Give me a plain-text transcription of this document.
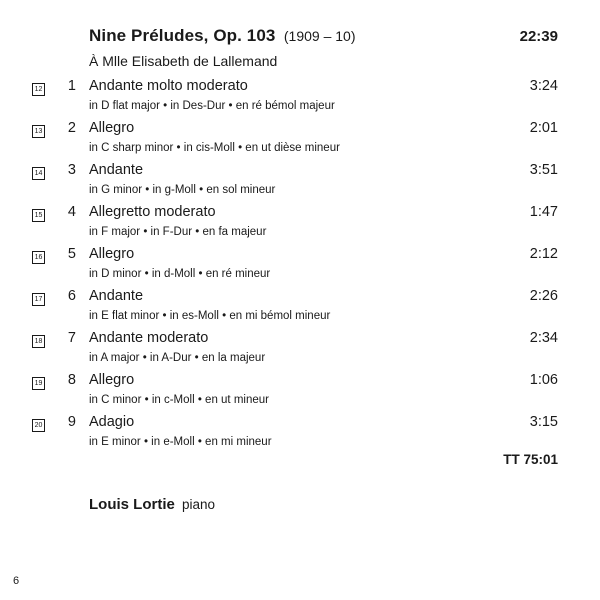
Nine Préludes, Op. 103 (1909 – 10)	22:39
À Mlle Elisabeth de Lallemand
12	1 Andante molto moderato	3:24
in D flat major • in Des-Dur • en ré bémol majeur
13	2 Allegro	2:01
in C sharp minor • in cis-Moll • en ut dièse mineur
14	3 Andante	3:51
in G minor • in g-Moll • en sol mineur
15	4 Allegretto moderato	1:47
in F major • in F-Dur • en fa majeur
16	5 Allegro	2:12
in D minor • in d-Moll • en ré mineur
17	6 Andante	2:26
in E flat minor • in es-Moll • en mi bémol mineur
18	7 Andante moderato	2:34
in A major • in A-Dur • en la majeur
19	8 Allegro	1:06
in C minor • in c-Moll • en ut mineur
20	9 Adagio	3:15
in E minor • in e-Moll • en mi mineur
TT 75:01
Louis Lortie piano
6
